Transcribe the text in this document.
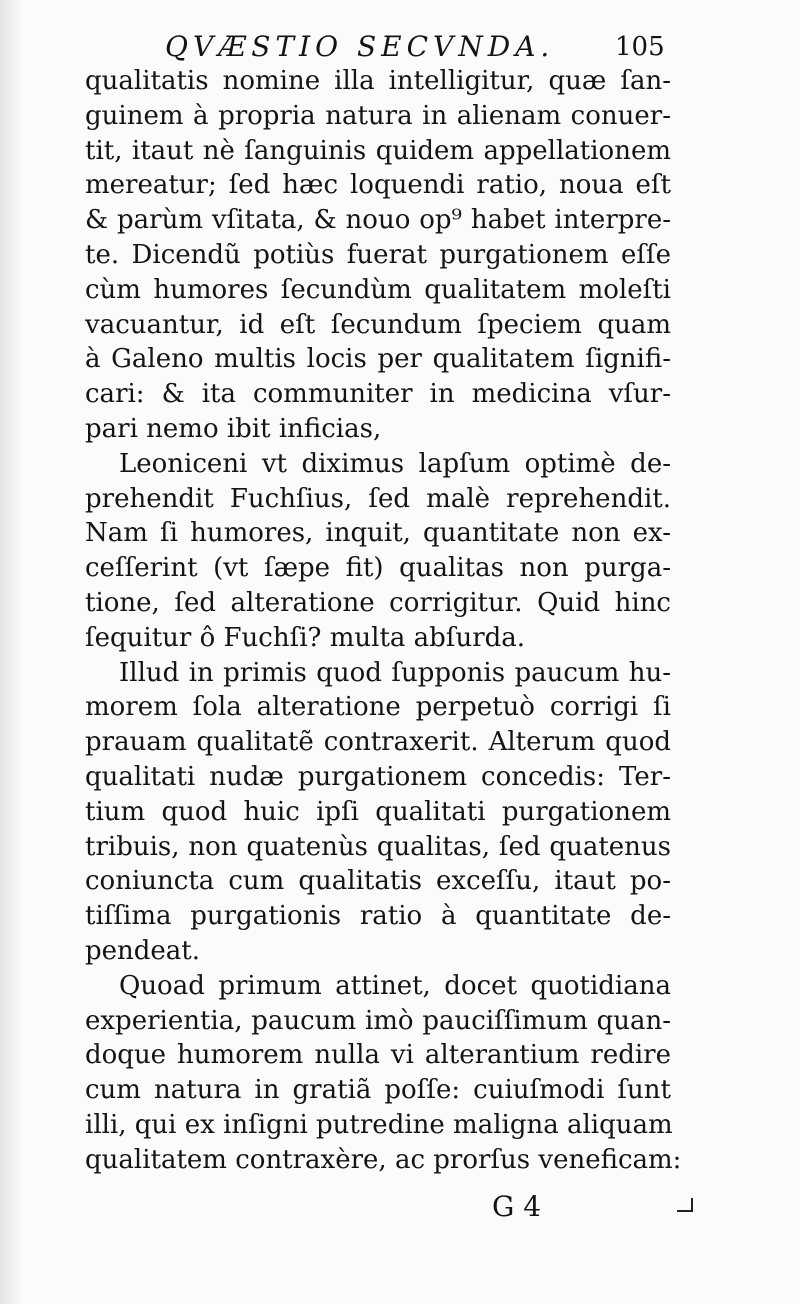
QVÆSTIO SECVNDA.	105
qualitatis nomine illa intelligitur, quæ ſan-
guinem à propria natura in alienam conuer-
tit, itaut nè ſanguinis quidem appellationem
mereatur; ſed hæc loquendi ratio, noua eſt
& parùm vſitata, & nouo op⁹ habet interpre-
te. Dicendũ potiùs fuerat purgationem eſſe
cùm humores ſecundùm qualitatem moleſti
vacuantur, id eſt ſecundum ſpeciem quam
à Galeno multis locis per qualitatem ſignifi-
cari: & ita communiter in medicina vſur-
pari nemo ibit inficias,
Leoniceni vt diximus lapſum optimè de-
prehendit Fuchſius, ſed malè reprehendit.
Nam ſi humores, inquit, quantitate non ex-
ceſſerint (vt ſæpe fit) qualitas non purga-
tione, ſed alteratione corrigitur. Quid hinc
ſequitur ô Fuchſi? multa abſurda.
Illud in primis quod ſupponis paucum hu-
morem ſola alteratione perpetuò corrigi ſi
prauam qualitatẽ contraxerit. Alterum quod
qualitati nudæ purgationem concedis: Ter-
tium quod huic ipſi qualitati purgationem
tribuis, non quatenùs qualitas, ſed quatenus
coniuncta cum qualitatis exceſſu, itaut po-
tiſſima purgationis ratio à quantitate de-
pendeat.
Quoad primum attinet, docet quotidiana
experientia, paucum imò pauciſſimum quan-
doque humorem nulla vi alterantium redire
cum natura in gratiã poſſe: cuiuſmodi ſunt
illi, qui ex inſigni putredine maligna aliquam
qualitatem contraxère, ac prorſus veneficam:
G 4
